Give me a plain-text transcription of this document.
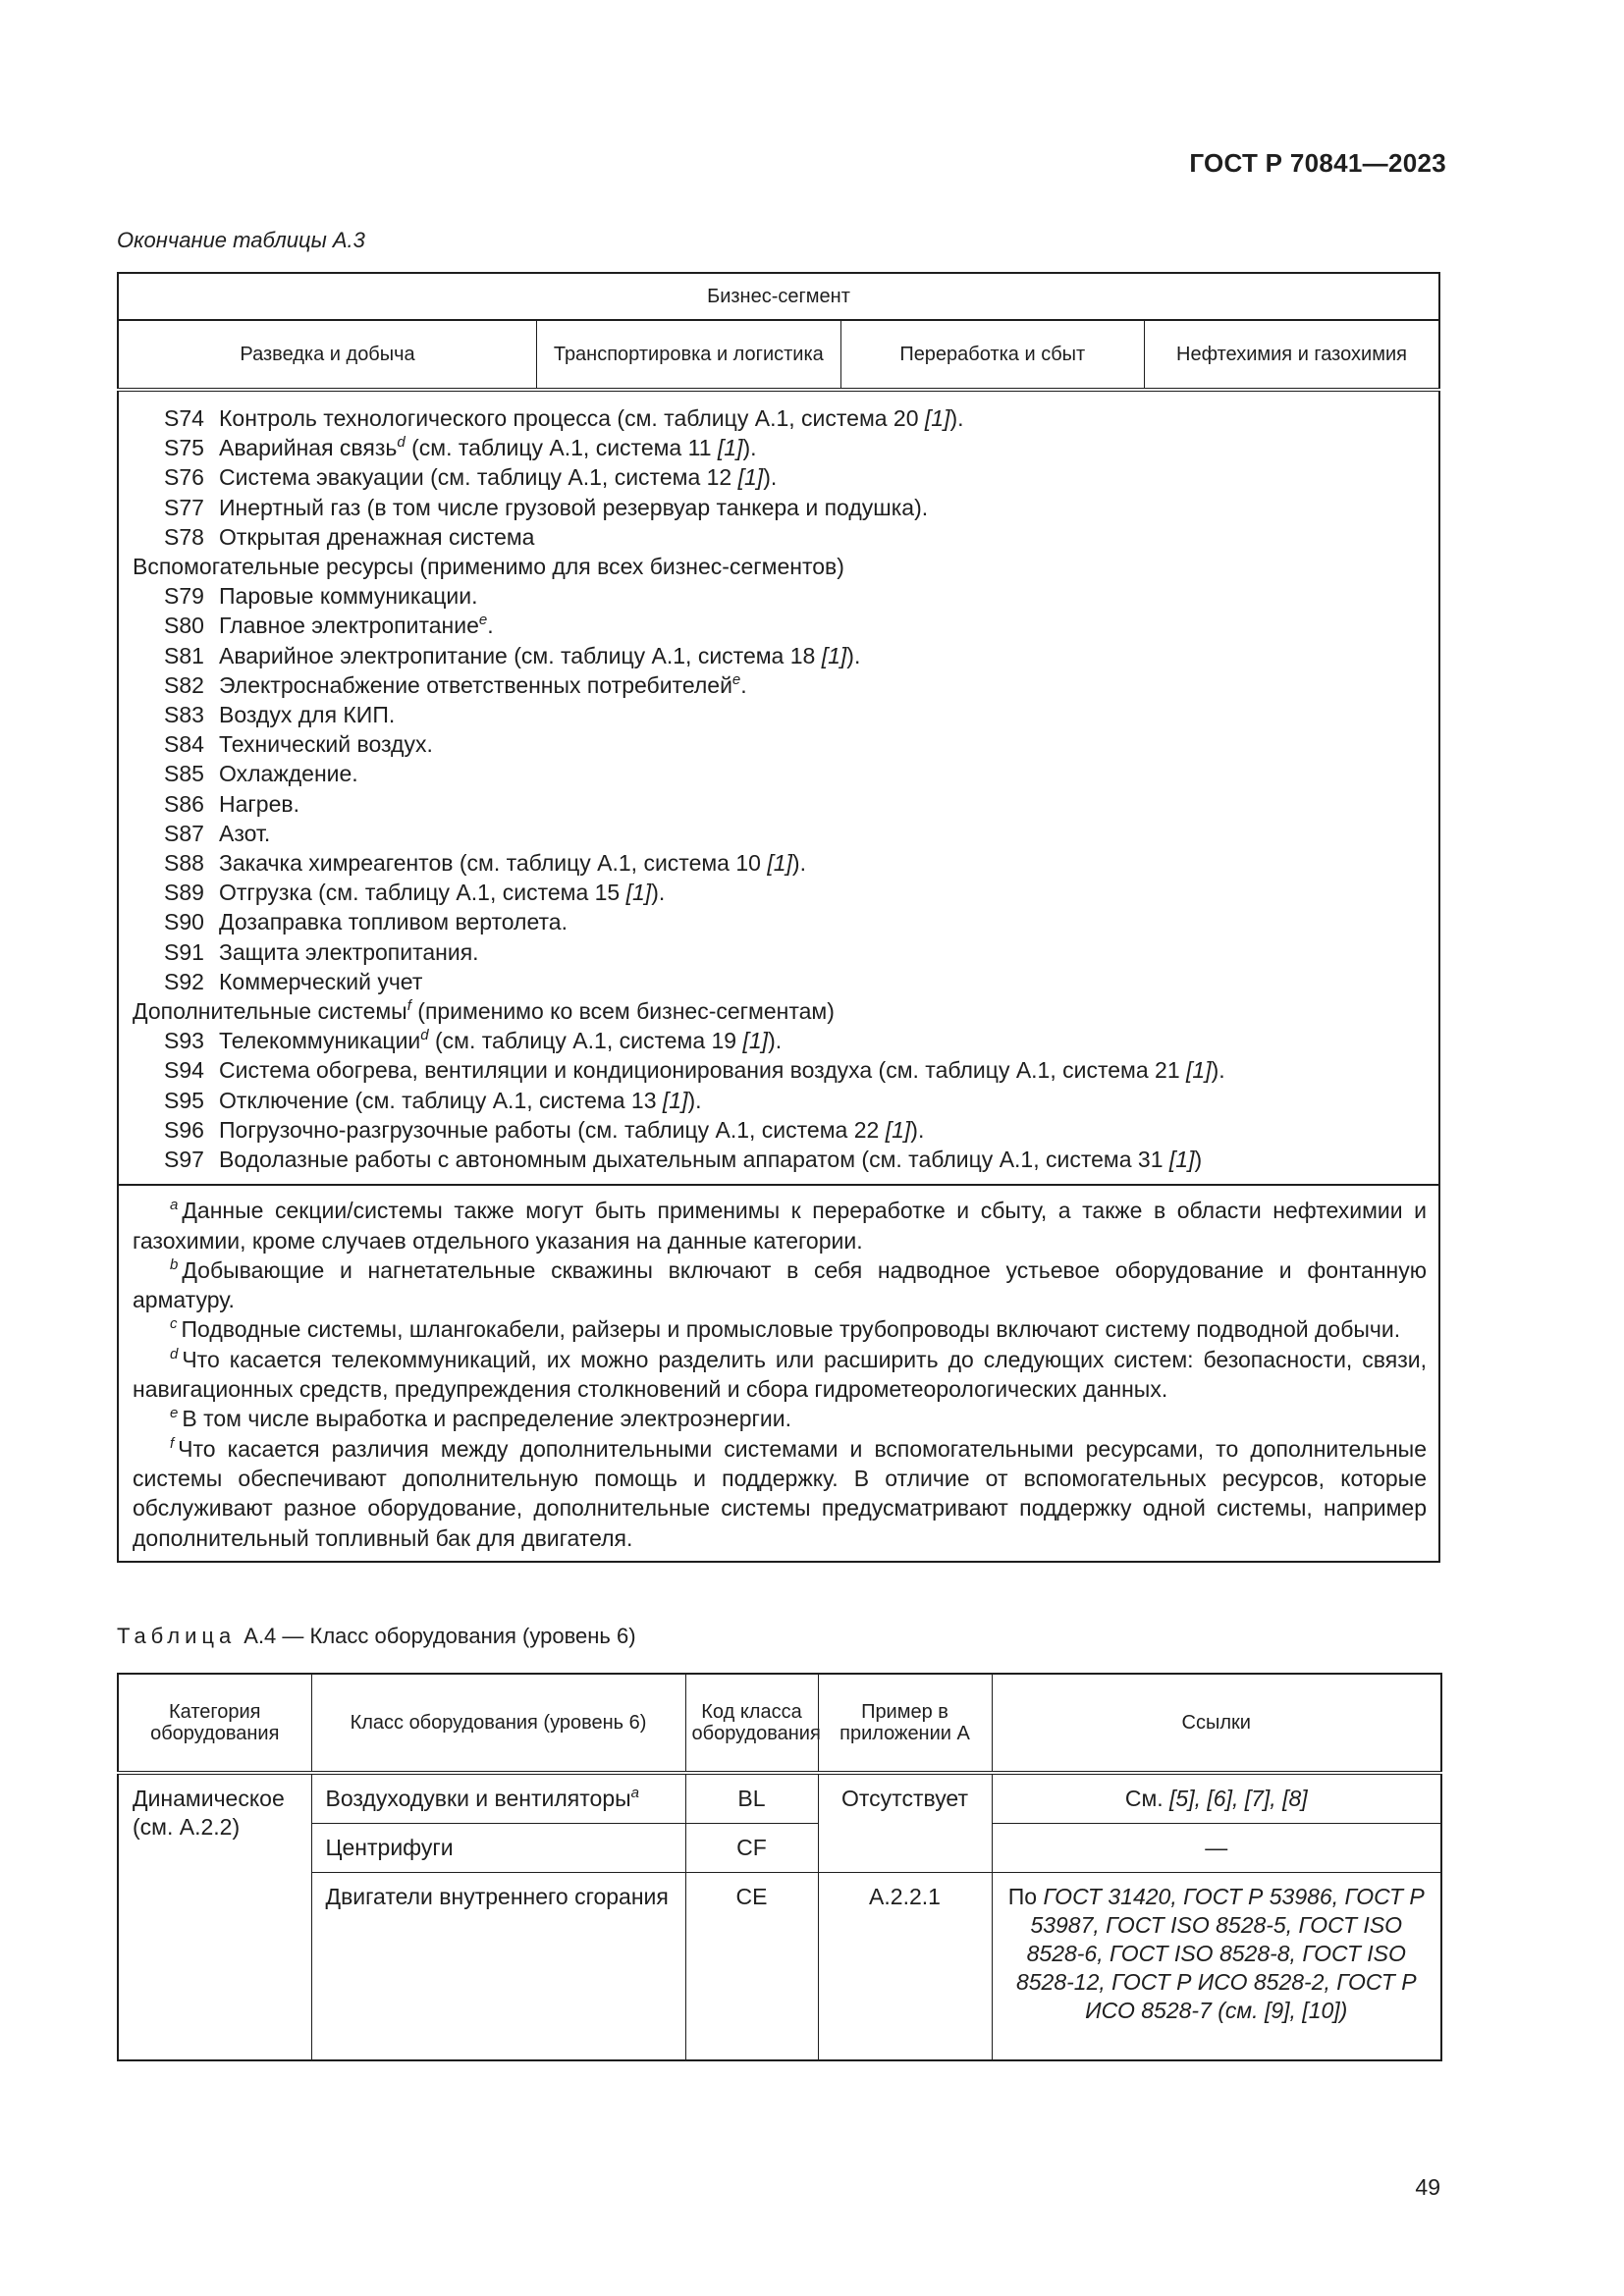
ГОСТ Р 70841—2023
Окончание таблицы А.3
Бизнес-сегмент
Разведка и добыча	Транспортировка и логистика	Переработка и сбыт	Нефтехимия и газохимия

S74 Контроль технологического процесса (см. таблицу А.1, система 20 [1]).
S75 Аварийная связь$^d$ (см. таблицу А.1, система 11 [1]).
S76 Система эвакуации (см. таблицу А.1, система 12 [1]).
S77 Инертный газ (в том числе грузовой резервуар танкера и подушка).
S78 Открытая дренажная система
Вспомогательные ресурсы (применимо для всех бизнес-сегментов)
S79 Паровые коммуникации.
S80 Главное электропитание$^e$.
S81 Аварийное электропитание (см. таблицу А.1, система 18 [1]).
S82 Электроснабжение ответственных потребителей$^e$.
S83 Воздух для КИП.
S84 Технический воздух.
S85 Охлаждение.
S86 Нагрев.
S87 Азот.
S88 Закачка химреагентов (см. таблицу А.1, система 10 [1]).
S89 Отгрузка (см. таблицу А.1, система 15 [1]).
S90 Дозаправка топливом вертолета.
S91 Защита электропитания.
S92 Коммерческий учет
Дополнительные системы$^f$ (применимо ко всем бизнес-сегментам)
S93 Телекоммуникации$^d$ (см. таблицу А.1, система 19 [1]).
S94 Система обогрева, вентиляции и кондиционирования воздуха (см. таблицу А.1, система 21 [1]).
S95 Отключение (см. таблицу А.1, система 13 [1]).
S96 Погрузочно-разгрузочные работы (см. таблицу А.1, система 22 [1]).
S97 Водолазные работы с автономным дыхательным аппаратом (см. таблицу А.1, система 31 [1])

$^a$ Данные секции/системы также могут быть применимы к переработке и сбыту, а также в области нефтехимии и газохимии, кроме случаев отдельного указания на данные категории.
$^b$ Добывающие и нагнетательные скважины включают в себя надводное устьевое оборудование и фонтанную арматуру.
$^c$ Подводные системы, шлангокабели, райзеры и промысловые трубопроводы включают систему подводной добычи.
$^d$ Что касается телекоммуникаций, их можно разделить или расширить до следующих систем: безопасности, связи, навигационных средств, предупреждения столкновений и сбора гидрометеорологических данных.
$^e$ В том числе выработка и распределение электроэнергии.
$^f$ Что касается различия между дополнительными системами и вспомогательными ресурсами, то дополнительные системы обеспечивают дополнительную помощь и поддержку. В отличие от вспомогательных ресурсов, которые обслуживают разное оборудование, дополнительные системы предусматривают поддержку одной системы, например дополнительный топливный бак для двигателя.
Таблица А.4 — Класс оборудования (уровень 6)
Категория оборудования	Класс оборудования (уровень 6)	Код класса оборудования	Пример в приложении А	Ссылки
Динамическое (см. А.2.2)	Воздуходувки и вентиляторы$^a$	BL	Отсутствует	См. [5], [6], [7], [8]
	Центрифуги	CF		—
	Двигатели внутреннего сгорания	CE	А.2.2.1	По ГОСТ 31420, ГОСТ Р 53986, ГОСТ Р 53987, ГОСТ ISO 8528-5, ГОСТ ISO 8528-6, ГОСТ ISO 8528-8, ГОСТ ISO 8528-12, ГОСТ Р ИСО 8528-2, ГОСТ Р ИСО 8528-7 (см. [9], [10])
49
